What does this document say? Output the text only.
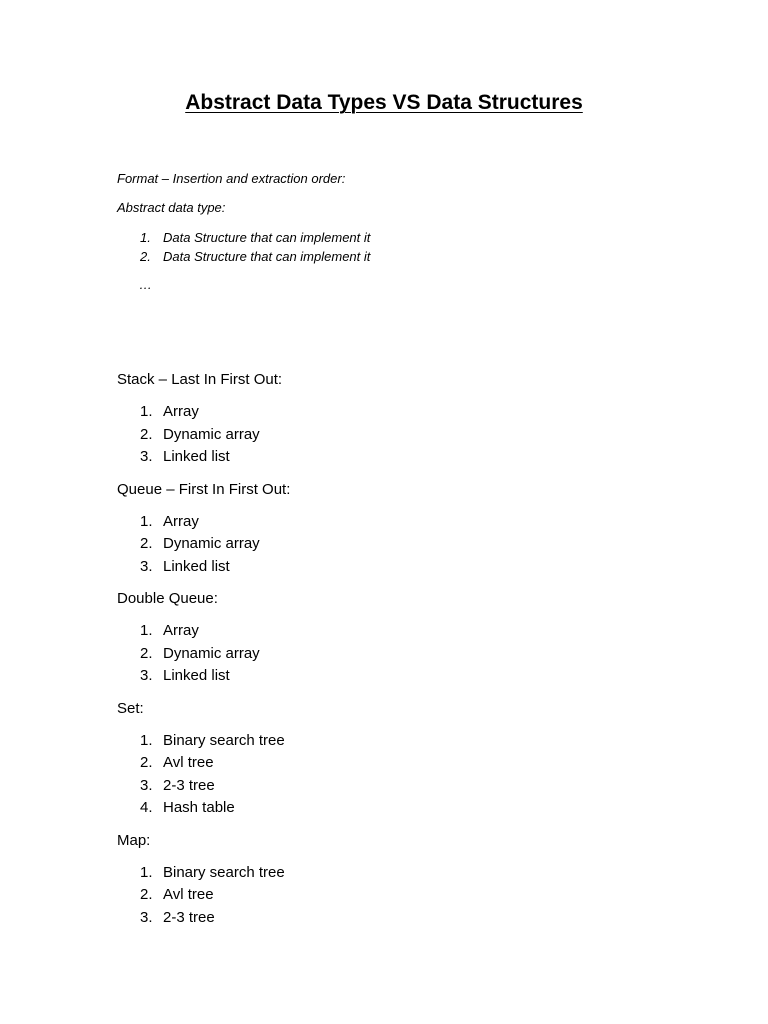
Abstract Data Types VS Data Structures

Format – Insertion and extraction order:

Abstract data type:

1. Data Structure that can implement it
2. Data Structure that can implement it

…

Stack – Last In First Out:

1. Array
2. Dynamic array
3. Linked list

Queue – First In First Out:

1. Array
2. Dynamic array
3. Linked list

Double Queue:

1. Array
2. Dynamic array
3. Linked list

Set:

1. Binary search tree
2. Avl tree
3. 2-3 tree
4. Hash table

Map:

1. Binary search tree
2. Avl tree
3. 2-3 tree
